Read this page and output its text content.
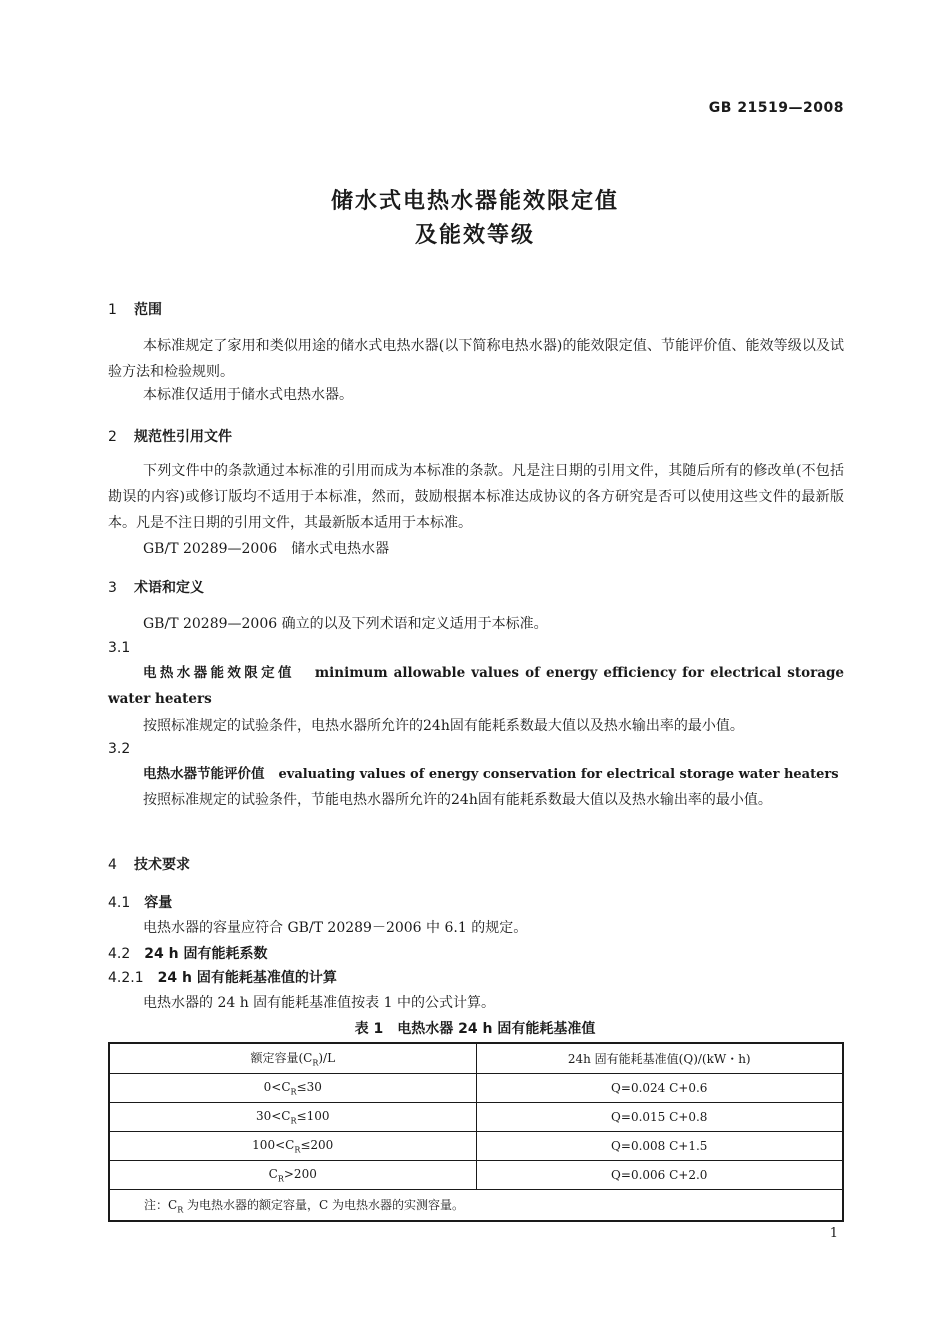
GB 21519—2008
储水式电热水器能效限定值
及能效等级
1 范围
本标准规定了家用和类似用途的储水式电热水器(以下简称电热水器)的能效限定值、节能评价值、能效等级以及试验方法和检验规则。
本标准仅适用于储水式电热水器。
2 规范性引用文件
下列文件中的条款通过本标准的引用而成为本标准的条款。凡是注日期的引用文件，其随后所有的修改单(不包括勘误的内容)或修订版均不适用于本标准，然而，鼓励根据本标准达成协议的各方研究是否可以使用这些文件的最新版本。凡是不注日期的引用文件，其最新版本适用于本标准。
GB/T 20289—2006　储水式电热水器
3 术语和定义
GB/T 20289—2006 确立的以及下列术语和定义适用于本标准。
3.1
电热水器能效限定值 minimum allowable values of energy efficiency for electrical storage water heaters
按照标准规定的试验条件，电热水器所允许的24h固有能耗系数最大值以及热水输出率的最小值。
3.2
电热水器节能评价值 evaluating values of energy conservation for electrical storage water heaters
按照标准规定的试验条件，节能电热水器所允许的24h固有能耗系数最大值以及热水输出率的最小值。
4 技术要求
4.1 容量
电热水器的容量应符合 GB/T 20289－2006 中 6.1 的规定。
4.2 24 h 固有能耗系数
4.2.1 24 h 固有能耗基准值的计算
电热水器的 24 h 固有能耗基准值按表 1 中的公式计算。
表 1　电热水器 24 h 固有能耗基准值
额定容量$(C_R)/L$	24h 固有能耗基准值(Q)/(kW・h)
$0<C_R\le 30$	Q=0.024 C+0.6
$30<C_R\le 100$	Q=0.015 C+0.8
$100<C_R\le 200$	Q=0.008 C+1.5
$C_R>200$	Q=0.006 C+2.0
注：$C_R$ 为电热水器的额定容量，C 为电热水器的实测容量。	
1
